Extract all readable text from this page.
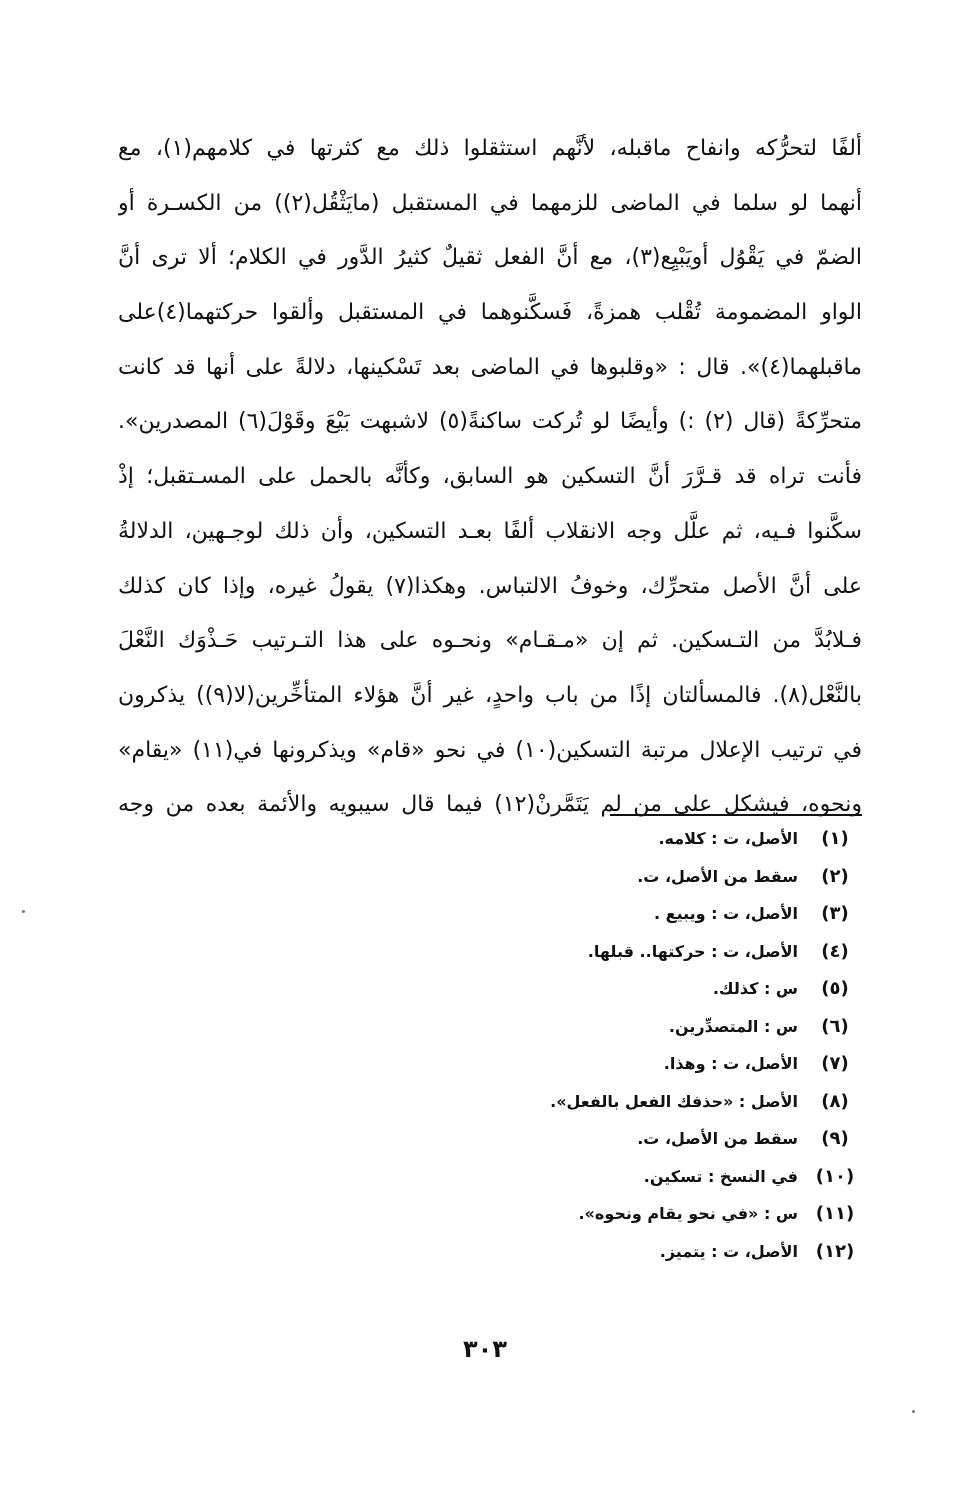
ألفًا لتحرُّكه وانفاح ماقبله، لأنَّهم استثقلوا ذلك مع كثرتها في كلامهم(١)، مع
أنهما لو سلما في الماضى للزمهما في المستقبل (مايَثْقُل(٢)) من الكسـرة أو
الضمّ في يَقْوُل أويَبْيِع(٣)، مع أنَّ الفعل ثقيلٌ كثيرُ الدَّور في الكلام؛ ألا ترى أنَّ
الواو المضمومة تُقْلب همزةً، فَسكَّنوهما في المستقبل وألقوا حركتهما(٤)على
ماقبلهما(٤)». قال : «وقلبوها في الماضى بعد تَسْكينها، دلالةً على أنها قد كانت
متحرِّكةً (قال (٢) :) وأيضًا لو تُركت ساكنةً(٥) لاشبهت بَيْعَ وقَوْلَ(٦) المصدرين».
فأنت تراه قد قـرَّرَ أنَّ التسكين هو السابق، وكأنَّه بالحمل على المسـتقبل؛ إذْ
سكَّنوا فـيه، ثم علَّل وجه الانقلاب ألفًا بعـد التسكين، وأن ذلك لوجـهين، الدلالةُ
على أنَّ الأصل متحرِّك، وخوفُ الالتباس. وهكذا(٧) يقولُ غيره، وإذا كان كذلك
فـلابُدَّ من التـسكين. ثم إن «مـقـام» ونحـوه على هذا التـرتيب حَـذْوَك النَّعْلَ
بالنَّعْل(٨). فالمسألتان إذًا من باب واحدٍ، غير أنَّ هؤلاء المتأخِّرين(لا(٩)) يذكرون
في ترتيب الإعلال مرتبة التسكين(١٠) في نحو «قام» ويذكرونها في(١١) «يقام»
ونحوه، فيشكل على من لم يَتَمَّرنْ(١٢) فيما قال سيبويه والأئمة بعده من وجه
(١)
الأصل، ت : كلامه.
(٢)
سقط من الأصل، ت.
(٣)
الأصل، ت : ويبيع .
(٤)
الأصل، ت : حركتها.. قبلها.
(٥)
س : كذلك.
(٦)
س : المتصدِّرين.
(٧)
الأصل، ت : وهذا.
(٨)
الأصل : «حذفك الفعل بالفعل».
(٩)
سقط من الأصل، ت.
(١٠)
في النسخ : تسكين.
(١١)
س : «في نحو يقام ونحوه».
(١٢)
الأصل، ت : يتميز.
٣٠٣
